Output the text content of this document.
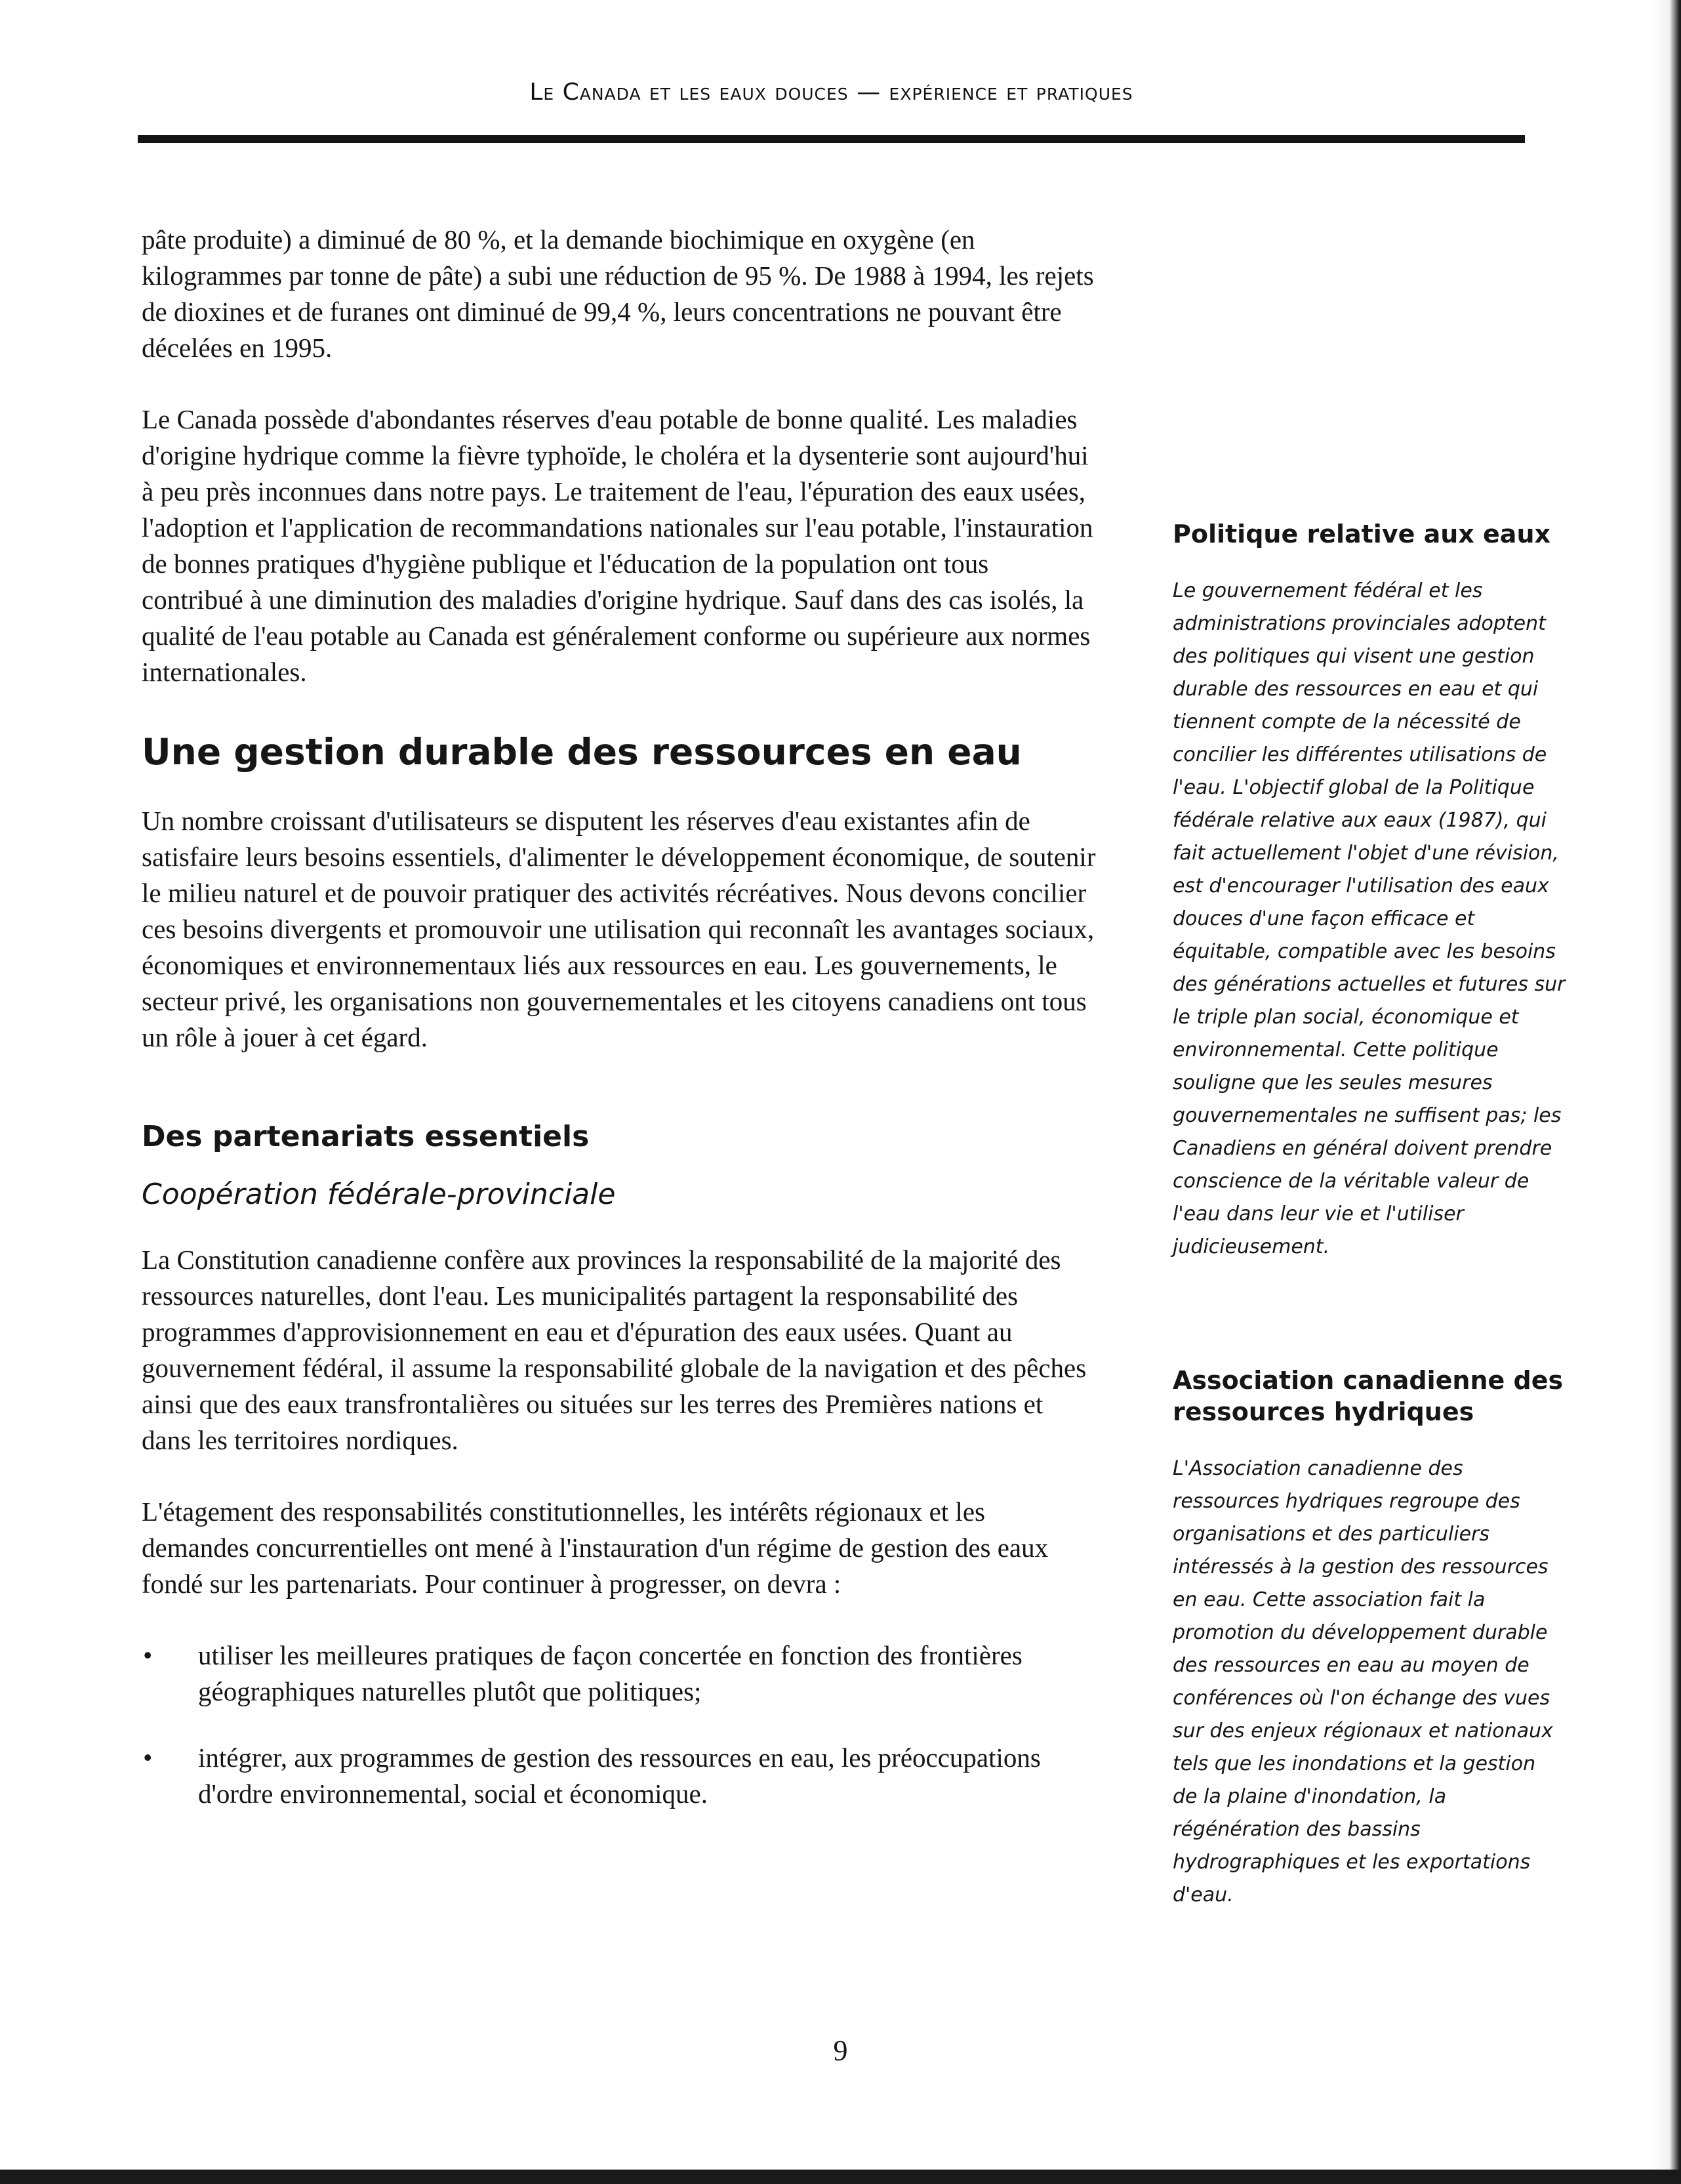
Le Canada et les eaux douces — expérience et pratiques

pâte produite) a diminué de 80 %, et la demande biochimique en oxygène (en kilogrammes par tonne de pâte) a subi une réduction de 95 %. De 1988 à 1994, les rejets de dioxines et de furanes ont diminué de 99,4 %, leurs concentrations ne pouvant être décelées en 1995.

Le Canada possède d'abondantes réserves d'eau potable de bonne qualité. Les maladies d'origine hydrique comme la fièvre typhoïde, le choléra et la dysenterie sont aujourd'hui à peu près inconnues dans notre pays. Le traitement de l'eau, l'épuration des eaux usées, l'adoption et l'application de recommandations nationales sur l'eau potable, l'instauration de bonnes pratiques d'hygiène publique et l'éducation de la population ont tous contribué à une diminution des maladies d'origine hydrique. Sauf dans des cas isolés, la qualité de l'eau potable au Canada est généralement conforme ou supérieure aux normes internationales.

Une gestion durable des ressources en eau

Un nombre croissant d'utilisateurs se disputent les réserves d'eau existantes afin de satisfaire leurs besoins essentiels, d'alimenter le développement économique, de soutenir le milieu naturel et de pouvoir pratiquer des activités récréatives. Nous devons concilier ces besoins divergents et promouvoir une utilisation qui reconnaît les avantages sociaux, économiques et environnementaux liés aux ressources en eau. Les gouvernements, le secteur privé, les organisations non gouvernementales et les citoyens canadiens ont tous un rôle à jouer à cet égard.

Des partenariats essentiels
Coopération fédérale-provinciale

La Constitution canadienne confère aux provinces la responsabilité de la majorité des ressources naturelles, dont l'eau. Les municipalités partagent la responsabilité des programmes d'approvisionnement en eau et d'épuration des eaux usées. Quant au gouvernement fédéral, il assume la responsabilité globale de la navigation et des pêches ainsi que des eaux transfrontalières ou situées sur les terres des Premières nations et dans les territoires nordiques.

L'étagement des responsabilités constitutionnelles, les intérêts régionaux et les demandes concurrentielles ont mené à l'instauration d'un régime de gestion des eaux fondé sur les partenariats. Pour continuer à progresser, on devra :

• utiliser les meilleures pratiques de façon concertée en fonction des frontières géographiques naturelles plutôt que politiques;
• intégrer, aux programmes de gestion des ressources en eau, les préoccupations d'ordre environnemental, social et économique.
Politique relative aux eaux

Le gouvernement fédéral et les administrations provinciales adoptent des politiques qui visent une gestion durable des ressources en eau et qui tiennent compte de la nécessité de concilier les différentes utilisations de l'eau. L'objectif global de la Politique fédérale relative aux eaux (1987), qui fait actuellement l'objet d'une révision, est d'encourager l'utilisation des eaux douces d'une façon efficace et équitable, compatible avec les besoins des générations actuelles et futures sur le triple plan social, économique et environnemental. Cette politique souligne que les seules mesures gouvernementales ne suffisent pas; les Canadiens en général doivent prendre conscience de la véritable valeur de l'eau dans leur vie et l'utiliser judicieusement.

Association canadienne des ressources hydriques

L'Association canadienne des ressources hydriques regroupe des organisations et des particuliers intéressés à la gestion des ressources en eau. Cette association fait la promotion du développement durable des ressources en eau au moyen de conférences où l'on échange des vues sur des enjeux régionaux et nationaux tels que les inondations et la gestion de la plaine d'inondation, la régénération des bassins hydrographiques et les exportations d'eau.

9
